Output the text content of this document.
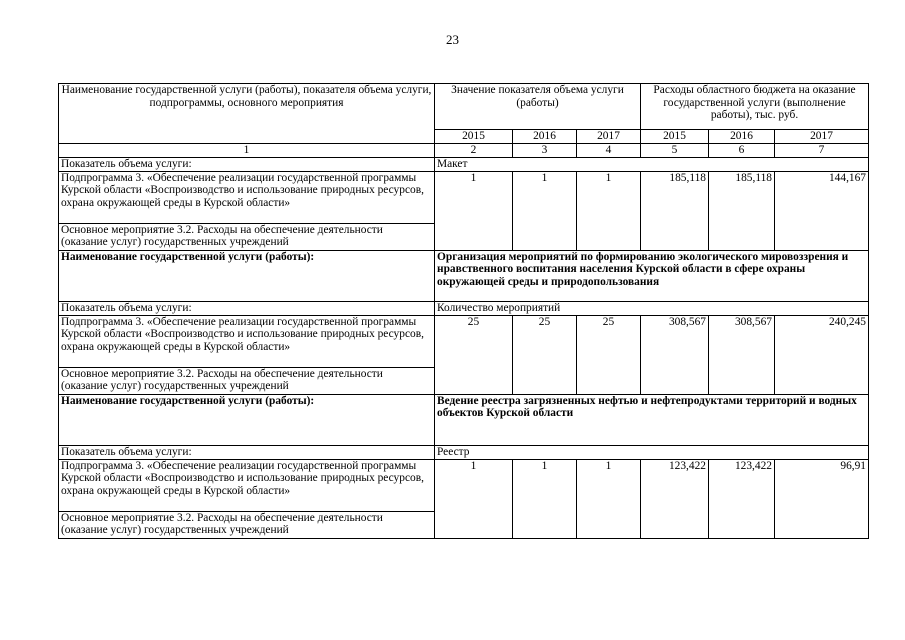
23
Наименование государственной услуги (работы), показателя объема услуги, подпрограммы, основного мероприятия	Значение показателя объема услуги (работы)			Расходы областного бюджета на оказание государственной услуги (выполнение работы), тыс. руб.		
	2015	2016	2017	2015	2016	2017
1	2	3	4	5	6	7
Показатель объема услуги:	Макет					
Подпрограмма 3. «Обеспечение реализации государственной программы Курской области «Воспроизводство и использование природных ресурсов, охрана окружающей среды в Курской области»	1	1	1	185,118	185,118	144,167
Основное мероприятие 3.2. Расходы на обеспечение деятельности (оказание услуг) государственных учреждений						
Наименование государственной услуги (работы):	Организация мероприятий по формированию экологического мировоззрения и нравственного воспитания населения Курской области в сфере охраны окружающей среды и природопользования					
Показатель объема услуги:	Количество мероприятий					
Подпрограмма 3. «Обеспечение реализации государственной программы Курской области «Воспроизводство и использование природных ресурсов, охрана окружающей среды в Курской области»	25	25	25	308,567	308,567	240,245
Основное мероприятие 3.2. Расходы на обеспечение деятельности (оказание услуг) государственных учреждений						
Наименование государственной услуги (работы):	Ведение реестра загрязненных нефтью и нефтепродуктами территорий и водных объектов Курской области					
Показатель объема услуги:	Реестр					
Подпрограмма 3. «Обеспечение реализации государственной программы Курской области «Воспроизводство и использование природных ресурсов, охрана окружающей среды в Курской области»	1	1	1	123,422	123,422	96,91
Основное мероприятие 3.2. Расходы на обеспечение деятельности (оказание услуг) государственных учреждений						
